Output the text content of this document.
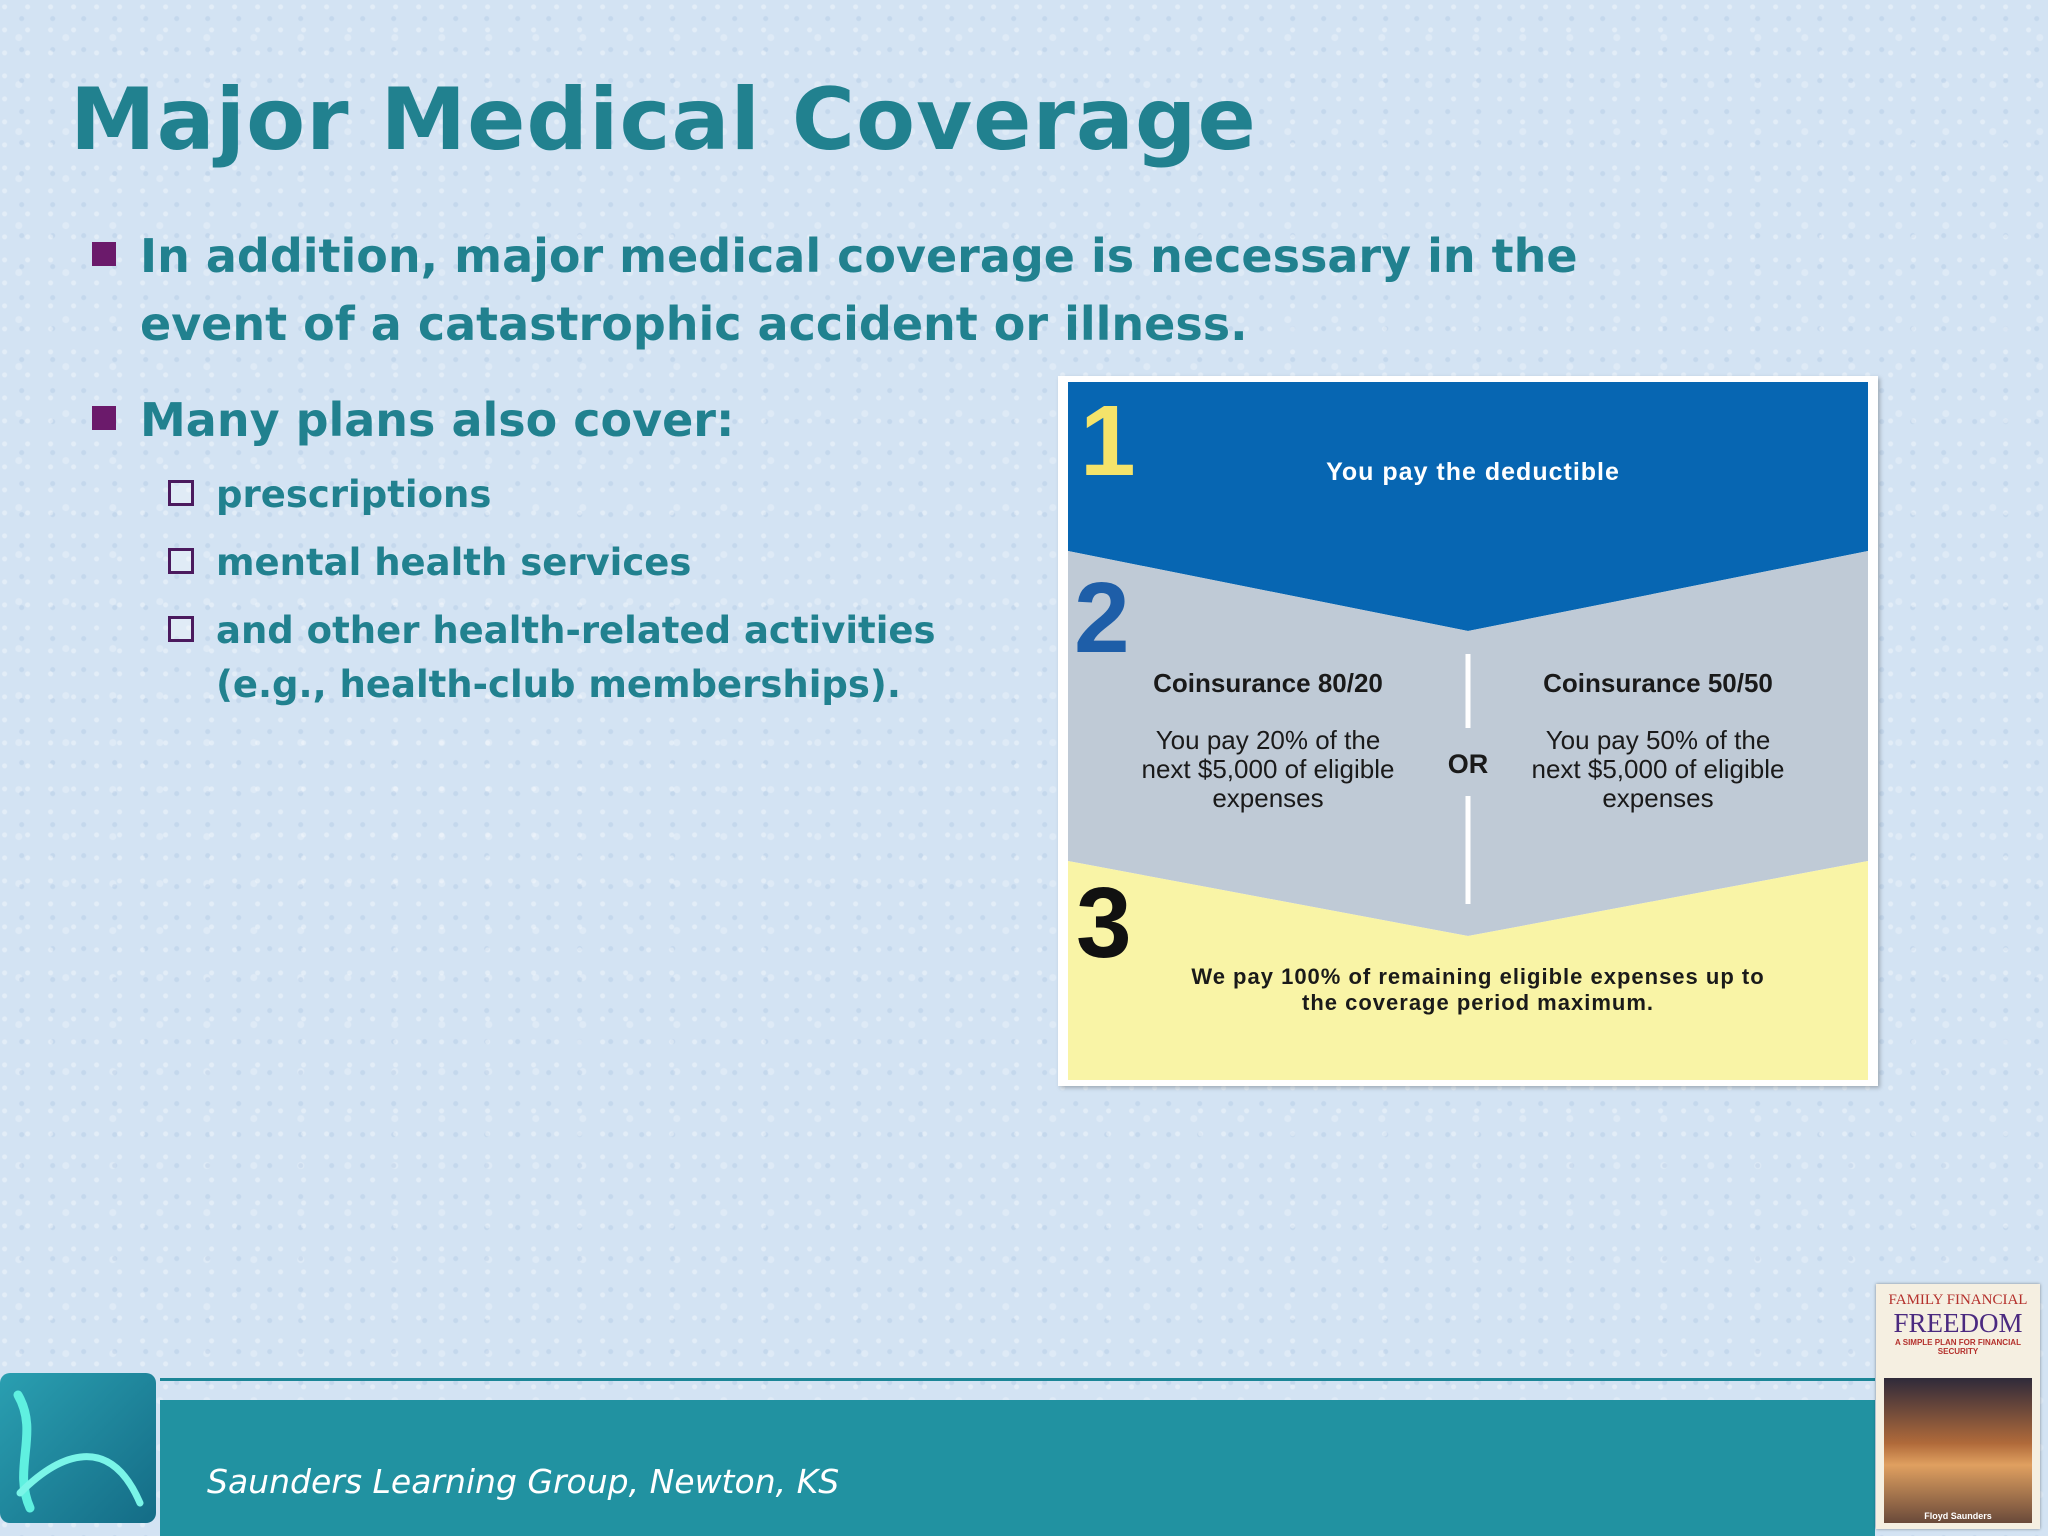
Major Medical Coverage
In addition, major medical coverage is necessary in the event of a catastrophic accident or illness.
Many plans also cover:
prescriptions
mental health services
and other health-related activities (e.g., health-club memberships).
1	You pay the deductible
2
Coinsurance 80/20
You pay 20% of the next $5,000 of eligible expenses
OR
Coinsurance 50/50
You pay 50% of the next $5,000 of eligible expenses
3	We pay 100% of remaining eligible expenses up to the coverage period maximum.
Saunders Learning Group, Newton, KS
FAMILY FINANCIAL
FREEDOM
A SIMPLE PLAN FOR FINANCIAL SECURITY
Floyd Saunders
